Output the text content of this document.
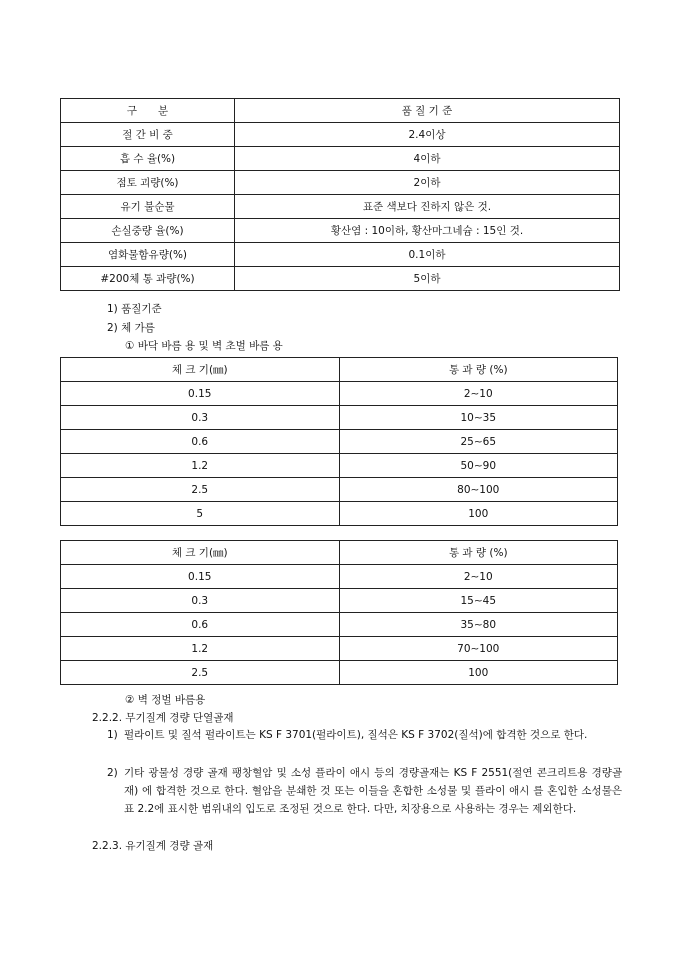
구　　분	품 질 기 준
절 간 비 중	2.4이상
흡 수 율(%)	4이하
점토 괴량(%)	2이하
유기 불순물	표준 색보다 진하지 않은 것.
손실중량 율(%)	황산염 : 10이하, 황산마그네슘 : 15인 것.
염화물함유량(%)	0.1이하
#200체 통 과량(%)	5이하
1) 품질기준
2) 체 가름
① 바닥 바름 용 및 벽 초벌 바름 용
체 크 기(㎜)	통 과 량 (%)
0.15	2∼10
0.3	10∼35
0.6	25∼65
1.2	50∼90
2.5	80∼100
5	100
체 크 기(㎜)	통 과 량 (%)
0.15	2∼10
0.3	15∼45
0.6	35∼80
1.2	70∼100
2.5	100
② 벽 정벌 바름용
2.2.2. 무기질계 경량 단열골재
1) 펄라이트 및 질석 펄라이트는 KS F 3701(펄라이트), 질석은 KS F 3702(질석)에 합격한 것으로 한다.
2) 기타 광물성 경량 골재 팽창혈암 및 소성 플라이 애시 등의 경량골재는 KS F 2551(절연 콘크리트용 경량골재) 에 합격한 것으로 한다. 혈암을 분쇄한 것 또는 이들을 혼합한 소성물 및 플라이 애시 를 혼입한 소성물은 표 2.2에 표시한 범위내의 입도로 조정된 것으로 한다. 다만, 치장용으로 사용하는 경우는 제외한다.
2.2.3. 유기질계 경량 골재
